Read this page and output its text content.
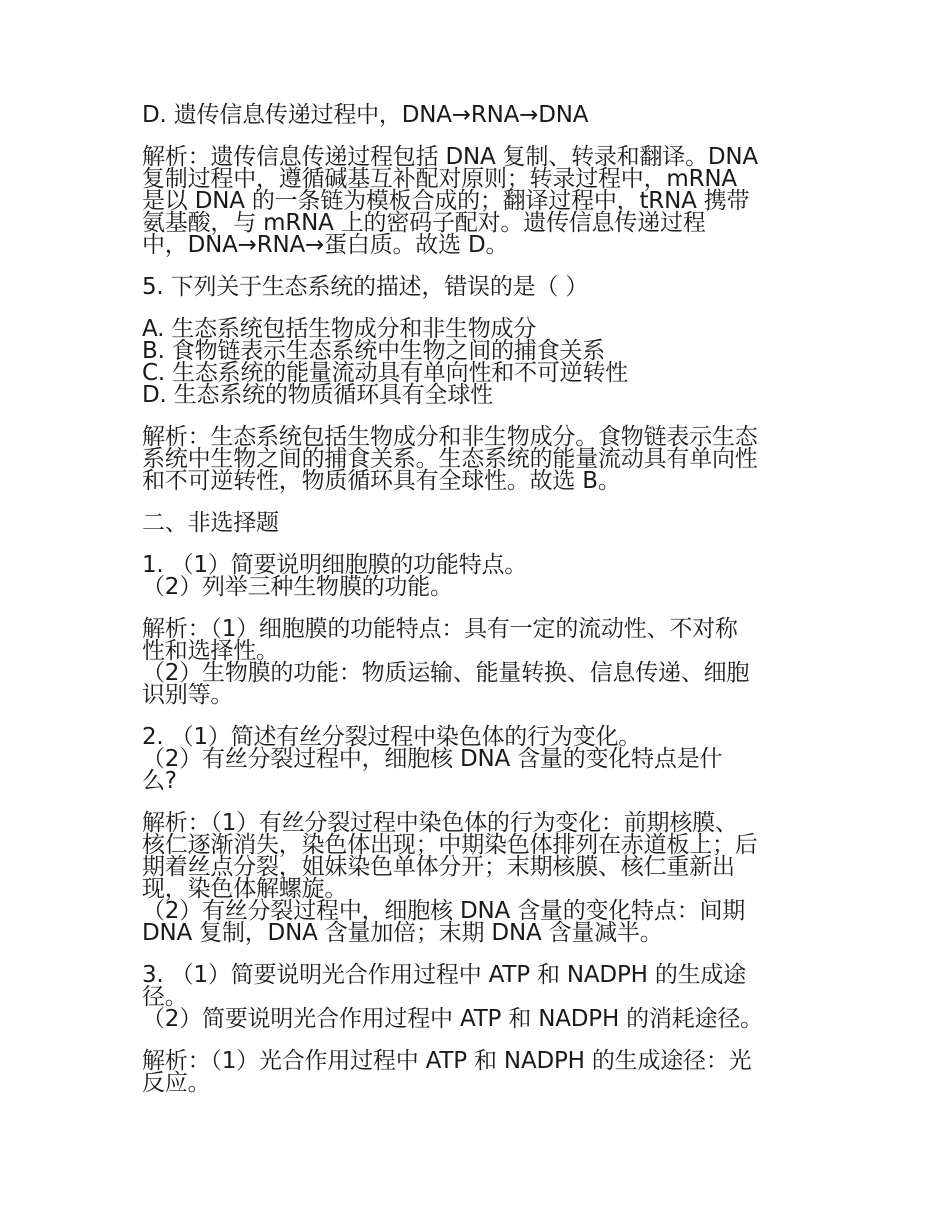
D. 遗传信息传递过程中，DNA→RNA→DNA

解析：遗传信息传递过程包括 DNA 复制、转录和翻译。DNA
复制过程中，遵循碱基互补配对原则；转录过程中，mRNA
是以 DNA 的一条链为模板合成的；翻译过程中，tRNA 携带
氨基酸，与 mRNA 上的密码子配对。遗传信息传递过程
中，DNA→RNA→蛋白质。故选 D。

5. 下列关于生态系统的描述，错误的是（ ）

A. 生态系统包括生物成分和非生物成分
B. 食物链表示生态系统中生物之间的捕食关系
C. 生态系统的能量流动具有单向性和不可逆转性
D. 生态系统的物质循环具有全球性

解析：生态系统包括生物成分和非生物成分。食物链表示生态
系统中生物之间的捕食关系。生态系统的能量流动具有单向性
和不可逆转性，物质循环具有全球性。故选 B。

二、非选择题

1. （1）简要说明细胞膜的功能特点。
（2）列举三种生物膜的功能。

解析：（1）细胞膜的功能特点：具有一定的流动性、不对称
性和选择性。
（2）生物膜的功能：物质运输、能量转换、信息传递、细胞
识别等。

2. （1）简述有丝分裂过程中染色体的行为变化。
（2）有丝分裂过程中，细胞核 DNA 含量的变化特点是什
么?

解析：（1）有丝分裂过程中染色体的行为变化：前期核膜、
核仁逐渐消失，染色体出现；中期染色体排列在赤道板上；后
期着丝点分裂，姐妹染色单体分开；末期核膜、核仁重新出
现，染色体解螺旋。
（2）有丝分裂过程中，细胞核 DNA 含量的变化特点：间期
DNA 复制，DNA 含量加倍；末期 DNA 含量减半。

3. （1）简要说明光合作用过程中 ATP 和 NADPH 的生成途
径。
（2）简要说明光合作用过程中 ATP 和 NADPH 的消耗途径。

解析：（1）光合作用过程中 ATP 和 NADPH 的生成途径：光
反应。
